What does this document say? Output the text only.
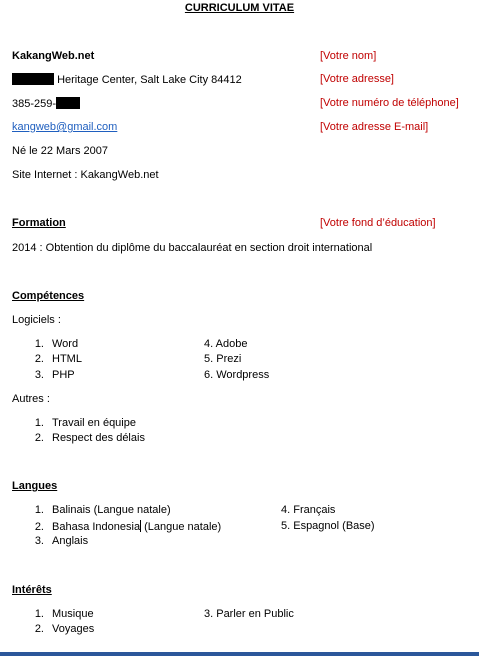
CURRICULUM VITAE
KakangWeb.net	[Votre nom]
Heritage Center, Salt Lake City 84412	[Votre adresse]
385-259-	[Votre numéro de téléphone]
kangweb@gmail.com	[Votre adresse E-mail]
Né le 22 Mars 2007
Site Internet : KakangWeb.net
Formation	[Votre fond d’éducation]
2014 : Obtention du diplôme du baccalauréat en section droit international
Compétences
Logiciels :
1. Word
2. HTML
3. PHP
4. Adobe
5. Prezi
6. Wordpress
Autres :
1. Travail en équipe
2. Respect des délais
Langues
1. Balinais (Langue natale)
2. Bahasa Indonesia (Langue natale)
3. Anglais
4. Français
5. Espagnol (Base)
Intérêts
1. Musique
2. Voyages
3. Parler en Public
